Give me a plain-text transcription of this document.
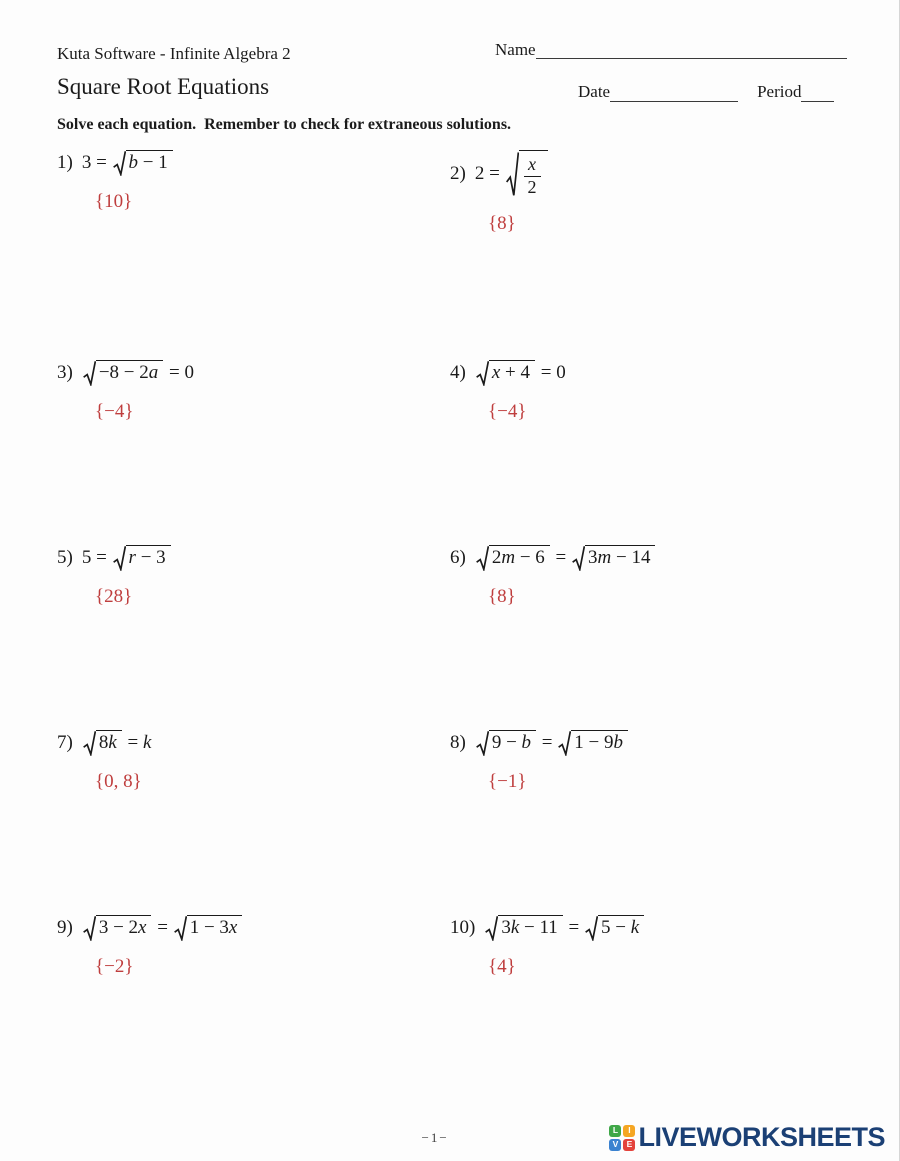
Kuta Software - Infinite Algebra 2	Name
Square Root Equations	Date	Period

Solve each equation.  Remember to check for extraneous solutions.

1) 3 = b − 1
{10}
2) $2 = \frac{x}{2}$
{8}
3) −8 − 2a = 0
{−4}
4) x + 4 = 0
{−4}
5) 5 = r − 3
{28}
6) 2m − 6 = 3m − 14
{8}
7) 8k = k
{0, 8}
8) 9 − b = 1 − 9b
{−1}
9) 3 − 2x = 1 − 3x
{−2}
10) 3k − 11 = 5 − k
{4}
−1−	L	I
V E LIVEWORKSHEETS
